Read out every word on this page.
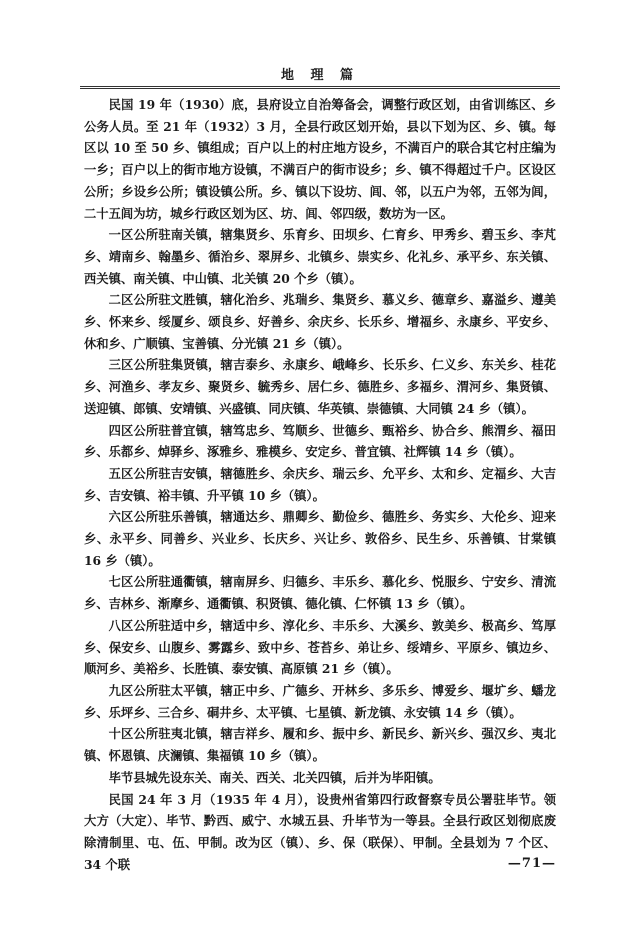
地 理 篇

民国 19 年（1930）底，县府设立自治筹备会，调整行政区划，由省训练区、乡公务人员。至 21 年（1932）3 月，全县行政区划开始，县以下划为区、乡、镇。每区以 10 至 50 乡、镇组成；百户以上的村庄地方设乡，不满百户的联合其它村庄编为一乡；百户以上的街市地方设镇，不满百户的街市设乡；乡、镇不得超过千户。区设区公所；乡设乡公所；镇设镇公所。乡、镇以下设坊、闾、邻，以五户为邻，五邻为闾，二十五闾为坊，城乡行政区划为区、坊、闾、邻四级，数坊为一区。

一区公所驻南关镇，辖集贤乡、乐育乡、田坝乡、仁育乡、甲秀乡、碧玉乡、李芃乡、靖南乡、翰墨乡、循治乡、翠屏乡、北镇乡、崇实乡、化礼乡、承平乡、东关镇、西关镇、南关镇、中山镇、北关镇 20 个乡（镇）。

二区公所驻文胜镇，辖化治乡、兆瑞乡、集贤乡、慕义乡、德章乡、嘉溢乡、遵美乡、怀来乡、绥厦乡、颂良乡、好善乡、余庆乡、长乐乡、增福乡、永康乡、平安乡、休和乡、广顺镇、宝善镇、分光镇 21 乡（镇）。

三区公所驻集贤镇，辖吉泰乡、永康乡、峨峰乡、长乐乡、仁义乡、东关乡、桂花乡、河渔乡、孝友乡、聚贤乡、毓秀乡、居仁乡、德胜乡、多福乡、渭河乡、集贤镇、送迎镇、郎镇、安靖镇、兴盛镇、同庆镇、华英镇、崇德镇、大同镇 24 乡（镇）。

四区公所驻普宜镇，辖笃忠乡、笃顺乡、世德乡、甄裕乡、协合乡、熊渭乡、福田乡、乐都乡、焯驿乡、涿雅乡、雅模乡、安定乡、普宜镇、社辉镇 14 乡（镇）。

五区公所驻吉安镇，辖德胜乡、余庆乡、瑞云乡、允平乡、太和乡、定福乡、大吉乡、吉安镇、裕丰镇、升平镇 10 乡（镇）。

六区公所驻乐善镇，辖通达乡、鼎卿乡、勤俭乡、德胜乡、务实乡、大伦乡、迎来乡、永平乡、同善乡、兴业乡、长庆乡、兴让乡、敦俗乡、民生乡、乐善镇、甘棠镇 16 乡（镇）。

七区公所驻通衢镇，辖南屏乡、归德乡、丰乐乡、慕化乡、悦服乡、宁安乡、清流乡、吉林乡、渐摩乡、通衢镇、积贤镇、德化镇、仁怀镇 13 乡（镇）。

八区公所驻适中乡，辖适中乡、淳化乡、丰乐乡、大溪乡、敦美乡、极高乡、笃厚乡、保安乡、山腹乡、雾露乡、致中乡、苍苔乡、弟让乡、绥靖乡、平原乡、镇边乡、顺河乡、美裕乡、长胜镇、泰安镇、高原镇 21 乡（镇）。

九区公所驻太平镇，辖正中乡、广德乡、开林乡、多乐乡、博爱乡、堰圹乡、蟠龙乡、乐坪乡、三合乡、硐井乡、太平镇、七星镇、新龙镇、永安镇 14 乡（镇）。

十区公所驻夷北镇，辖吉祥乡、履和乡、振中乡、新民乡、新兴乡、强汉乡、夷北镇、怀恩镇、庆澜镇、集福镇 10 乡（镇）。

毕节县城先设东关、南关、西关、北关四镇，后并为毕阳镇。

民国 24 年 3 月（1935 年 4 月），设贵州省第四行政督察专员公署驻毕节。领大方（大定）、毕节、黔西、威宁、水城五县、升毕节为一等县。全县行政区划彻底废除清制里、屯、伍、甲制。改为区（镇）、乡、保（联保）、甲制。全县划为 7 个区、34 个联	—71—
